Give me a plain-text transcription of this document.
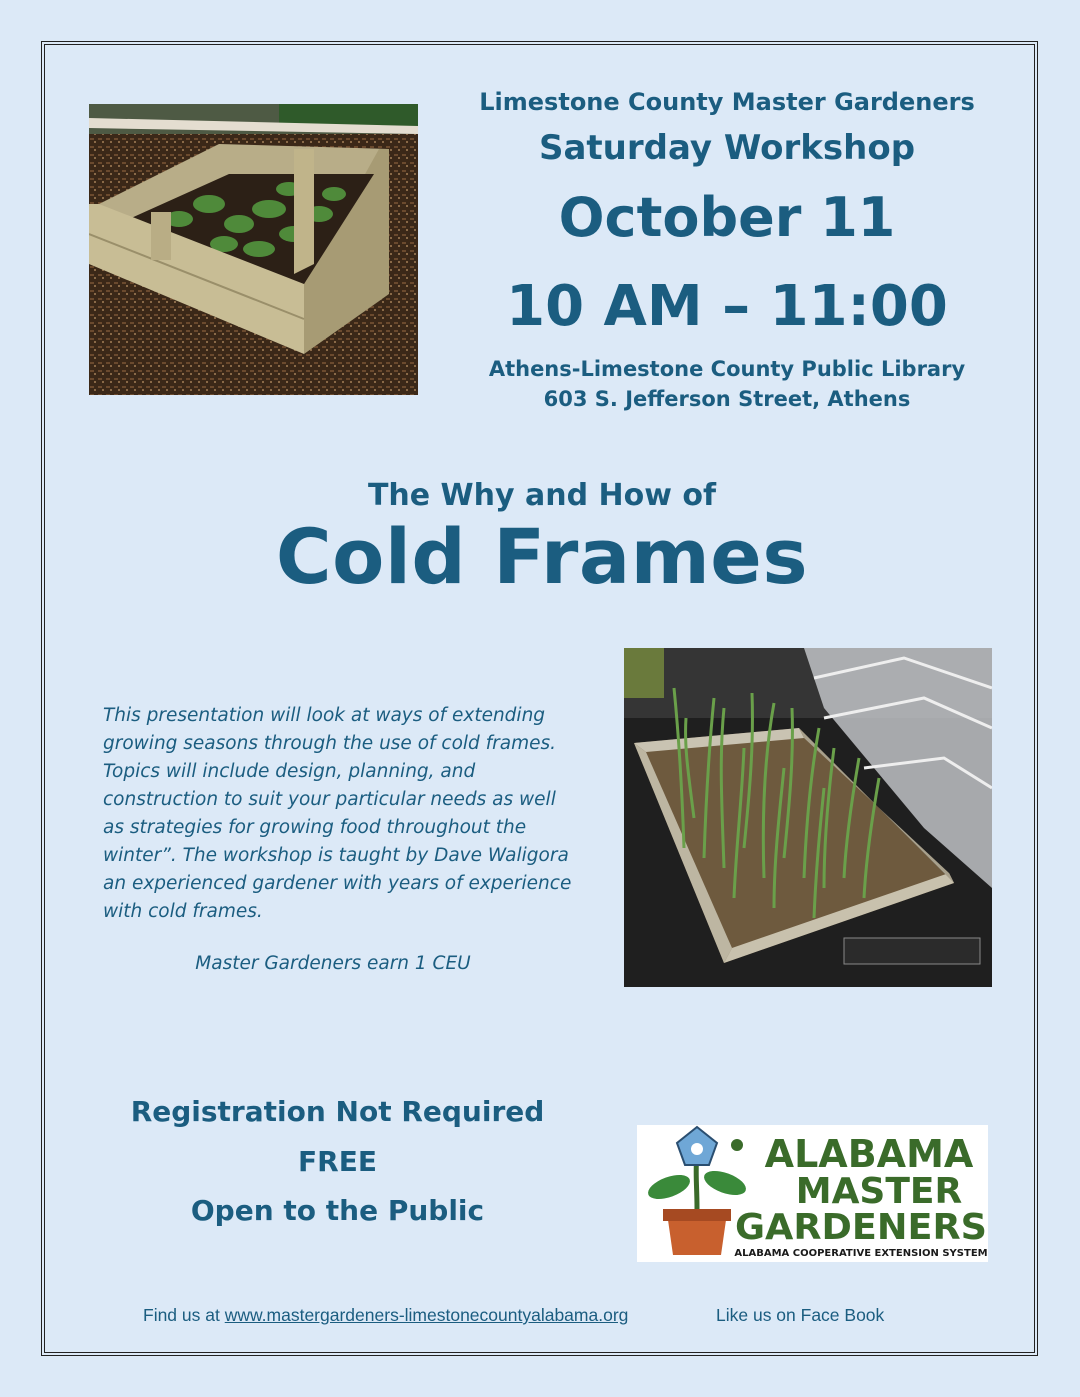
Limestone County Master Gardeners
Saturday Workshop
October 11
10 AM – 11:00
Athens-Limestone County Public Library
603 S. Jefferson Street, Athens
The Why and How of
Cold Frames
This presentation will look at ways of extending growing seasons through the use of cold frames. Topics will include design, planning, and construction to suit your particular needs as well as strategies for growing food throughout the winter”. The workshop is taught by Dave Waligora an experienced gardener with years of experience with cold frames.
Master Gardeners earn 1 CEU
Registration Not Required
FREE
Open to the Public
ALABAMA
MASTER
GARDENERS
ALABAMA COOPERATIVE EXTENSION SYSTEM
Find us at www.mastergardeners-limestonecountyalabama.org	Like us on Face Book
